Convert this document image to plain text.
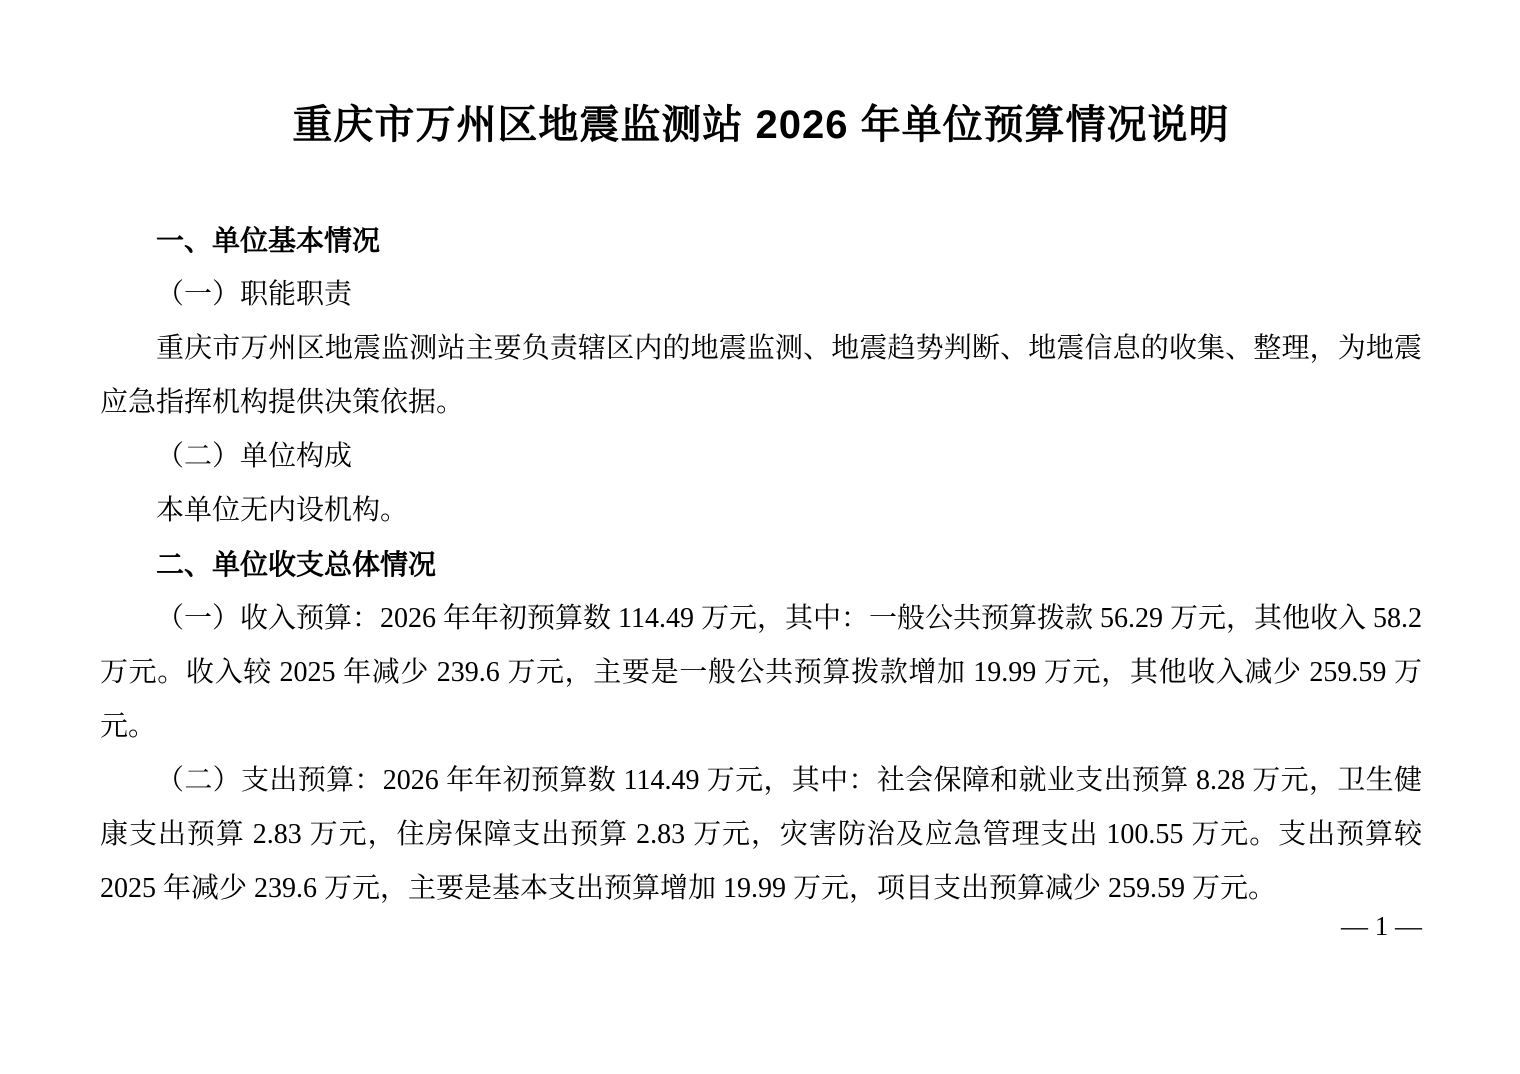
重庆市万州区地震监测站 2026 年单位预算情况说明

一、单位基本情况

（一）职能职责

重庆市万州区地震监测站主要负责辖区内的地震监测、地震趋势判断、地震信息的收集、整理，为地震应急指挥机构提供决策依据。

（二）单位构成

本单位无内设机构。

二、单位收支总体情况

（一）收入预算：2026 年年初预算数 114.49 万元，其中：一般公共预算拨款 56.29 万元，其他收入 58.2 万元。收入较 2025 年减少 239.6 万元，主要是一般公共预算拨款增加 19.99 万元，其他收入减少 259.59 万元。

（二）支出预算：2026 年年初预算数 114.49 万元，其中：社会保障和就业支出预算 8.28 万元，卫生健康支出预算 2.83 万元，住房保障支出预算 2.83 万元，灾害防治及应急管理支出 100.55 万元。支出预算较 2025 年减少 239.6 万元，主要是基本支出预算增加 19.99 万元，项目支出预算减少 259.59 万元。

— 1 —
